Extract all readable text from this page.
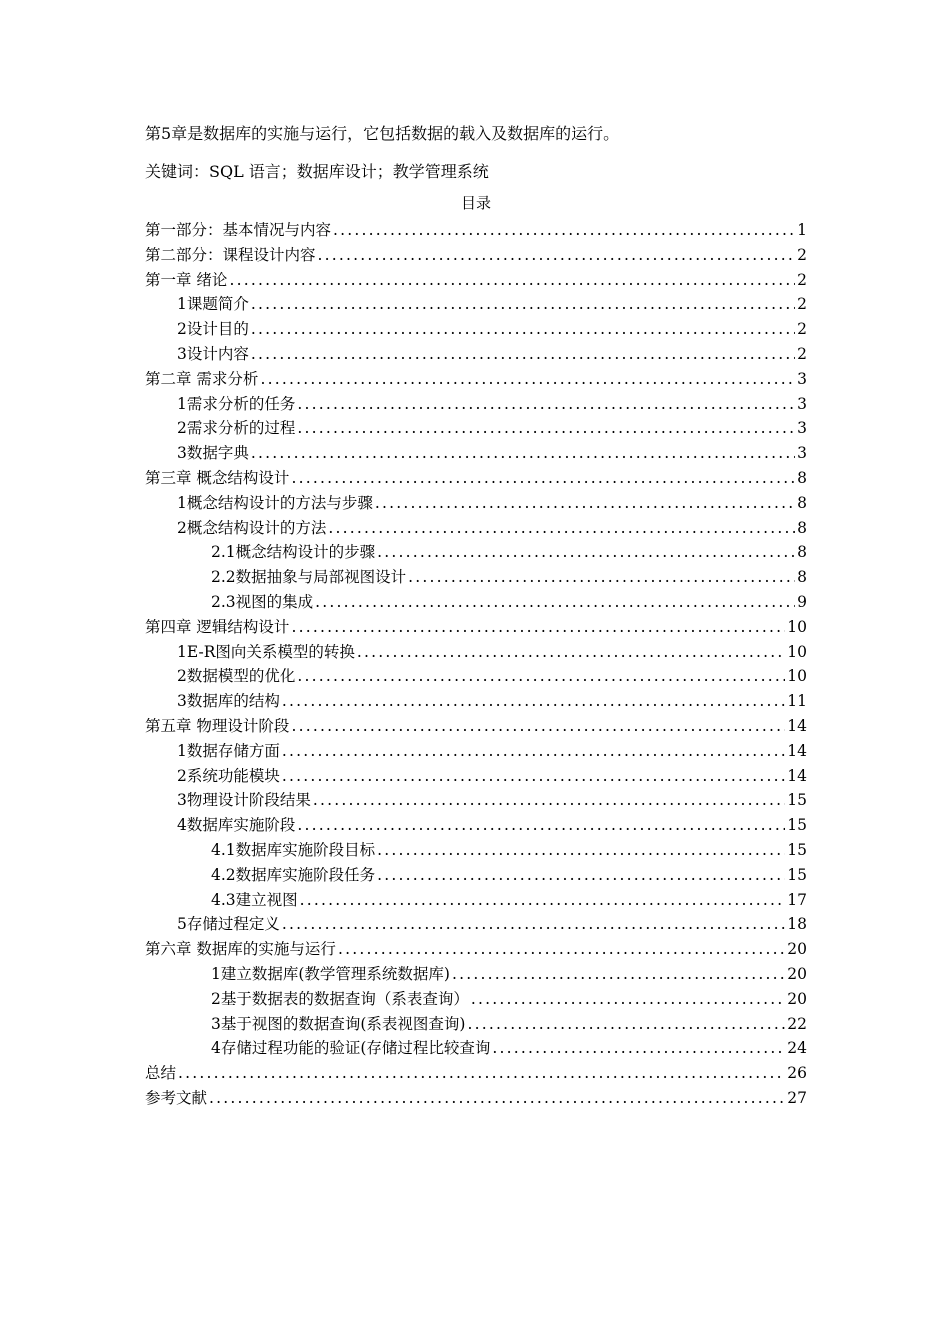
第5章是数据库的实施与运行，它包括数据的载入及数据库的运行。

关键词：SQL 语言；数据库设计；教学管理系统

目录
第一部分：基本情况与内容 .....	1
第二部分：课程设计内容 .....	2
第一章 绪论 .....	2
1课题简介 .....	2
2设计目的 .....	2
3设计内容 .....	2
第二章 需求分析 .....	3
1需求分析的任务 .....	3
2需求分析的过程 .....	3
3数据字典 .....	3
第三章 概念结构设计 .....	8
1概念结构设计的方法与步骤 .....	8
2概念结构设计的方法 .....	8
2.1概念结构设计的步骤 .....	8
2.2数据抽象与局部视图设计 .....	8
2.3视图的集成 .....	9
第四章 逻辑结构设计 .....	10
1E-R图向关系模型的转换 .....	10
2数据模型的优化 .....	10
3数据库的结构 .....	11
第五章 物理设计阶段 .....	14
1数据存储方面 .....	14
2系统功能模块 .....	14
3物理设计阶段结果 .....	15
4数据库实施阶段 .....	15
4.1数据库实施阶段目标 .....	15
4.2数据库实施阶段任务 .....	15
4.3建立视图 .....	17
5存储过程定义 .....	18
第六章 数据库的实施与运行 .....	20
1建立数据库(教学管理系统数据库) .....	20
2基于数据表的数据查询（系表查询） .....	20
3基于视图的数据查询(系表视图查询) .....	22
4存储过程功能的验证(存储过程比较查询 .....	24
总结 .....	26
参考文献 .....	27
